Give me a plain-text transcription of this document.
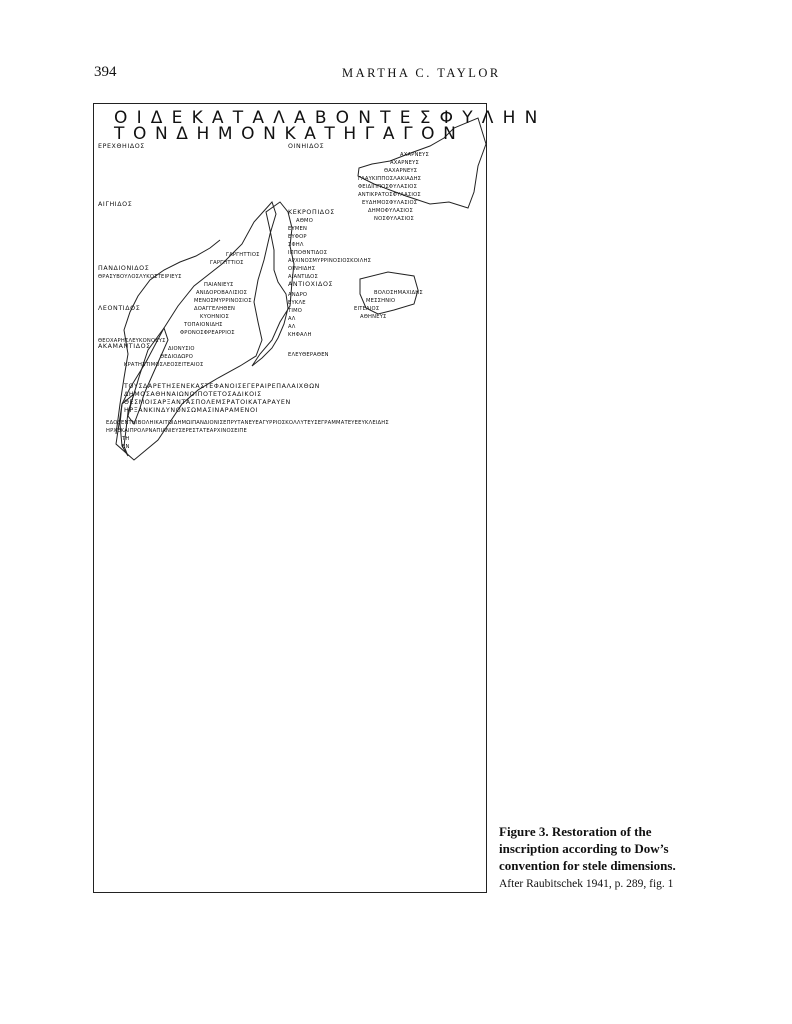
394	MARTHA C. TAYLOR
ΟΙΔΕΚΑΤΑΛΑΒΟΝΤΕΣΦΥΛΗΝ
ΤΟΝΔΗΜΟΝΚΑΤΗΓΑΓΟΝ
ΕΡΕΧΘΗΙΔΟΣ	ΟΙΝΗΙΔΟΣ
ΑΙΓΗΙΔΟΣ
ΚΕΚΡΟΠΙΔΟΣ
ΠΑΝΔΙΟΝΙΔΟΣ
ΛΕΟΝΤΙΔΟΣ
ΑΚΑΜΑΝΤΙΔΟΣ
ΑΝΤΙΟΧΙΔΟΣ
ΑΧΑΡΝΕΥΣ
ΑΧΑΡΝΕΥΣ
ΘΑΧΑΡΝΕΥΣ
ΓΛΑΥΚΙΠΠΟΣΛΑΚΙΑΔΗΣ
ΦΕΙΔΙΠΠΟΣΦΥΛΑΣΙΟΣ
ΑΝΤΙΚΡΑΤΟΣΦΥΛΑΣΙΟΣ
ΕΥΔΗΜΟΣΦΥΛΑΣΙΟΣ
ΔΗΜΟΦΥΛΑΣΙΟΣ
ΝΟΣΦΥΛΑΣΙΟΣ
ΑΘΜΟ
ΕΥΜΕΝ
ΕΥΦΟΡ
ΣΦΗΛ
ΙΠΠΟΘΝΤΙΔΟΣ
ΑΡΧΙΝΟΣΜΥΡΡΙΝΟΣΙΟΣΚΟΙΛΗΣ
ΟΙΝΗΙΔΗΣ
ΑΙΑΝΤΙΔΟΣ
ΑΝΔΡΟ
ΕΥΚΛΕ
ΤΙΜΟ
ΓΑΡΓΗΤΤΙΟΣ
ΓΑΡΓΗΤΤΙΟΣ
ΘΡΑΣΥΒΟΥΛΟΣΛΥΚΟΣΤΕΙΡΙΕΥΣ
ΠΑΙΑΝΙΕΥΣ
ΑΝΙΔΟΡΟΒΑΛΙΣΙΟΣ
ΜΕΝΟΣΜΥΡΡΙΝΟΣΙΟΣ
ΔΟΑΓΓΕΛΗΘΕΝ
ΚΥΟΗΝΙΟΣ
ΤΟΠΑΙΟΝΙΔΗΣ
ΦΡΟΝΟΣΦΡΕΑΡΡΙΟΣ
ΘΕΟΧΑΡΗΣΛΕΥΚΟΝΟΕΥΣ
ΔΙΟΝΥΣΙΟ
ΘΕΔΙΟΔΩΡΟ
ΚΡΑΤΗΣΤΙΜΟΣΛΕΟΣΕΙΤΕΑΙΟΣ
ΑΛ
ΑΛ
ΚΗΦΑΛΗ
ΕΛΕΥΘΕΡΑΘΕΝ
ΒΟΛΟΣΗΜΑΧΙΔΗΣ
ΜΕΣΣΗΝΙΟ
ΕΙΤΕΑΙΟΣ
ΑΘΗΝΕΥΣ
ΤΟΥΣΔΑΡΕΤΗΣΕΝΕΚΑΣΤΕΦΑΝΟΙΣΕΓΕΡΑΙΡΕΠΑΛΑΙΧΘΩΝ
ΔΗΜΟΣΑΘΗΝΑΙΩΝΟΙΠΟΤΕΤΟΣΑΔΙΚΟΙΣ
ΘΕΣΜΟΙΣΑΡΞΑΝΤΑΣΠΟΛΕΜΣΡΑΤΟΙΚΑΤΑΡΑΥΕΝ
ΗΡΞΑΝΚΙΝΔΥΝΟΝΣΩΜΑΣΙΝΑΡΑΜΕΝΟΙ
ΕΔΟΞΕΝΤΗΙΒΟΛΗΙΚΑΙΤΩΙΔΗΜΩΙΠΑΝΔΙΟΝΙΣΕΠΡΥΤΑΝΕΥΕΑΓΥΡΡΙΟΣΚΟΛΛΥΤΕΥΣΕΓΡΑΜΜΑΤΕΥΕΕΥΚΛΕΙΔΗΣ
ΗΡΧΕΚΑΙΠΡΟΛΡΝΑΠΙΑΝΙΕΥΣΕΡΕΣΤΑΤΕΑΡΧΙΝΟΣΕΙΠΕ
ΤΗ
ΕΝ
Figure 3. Restoration of the inscription according to Dow’s convention for stele dimensions. After Raubitschek 1941, p. 289, fig. 1
